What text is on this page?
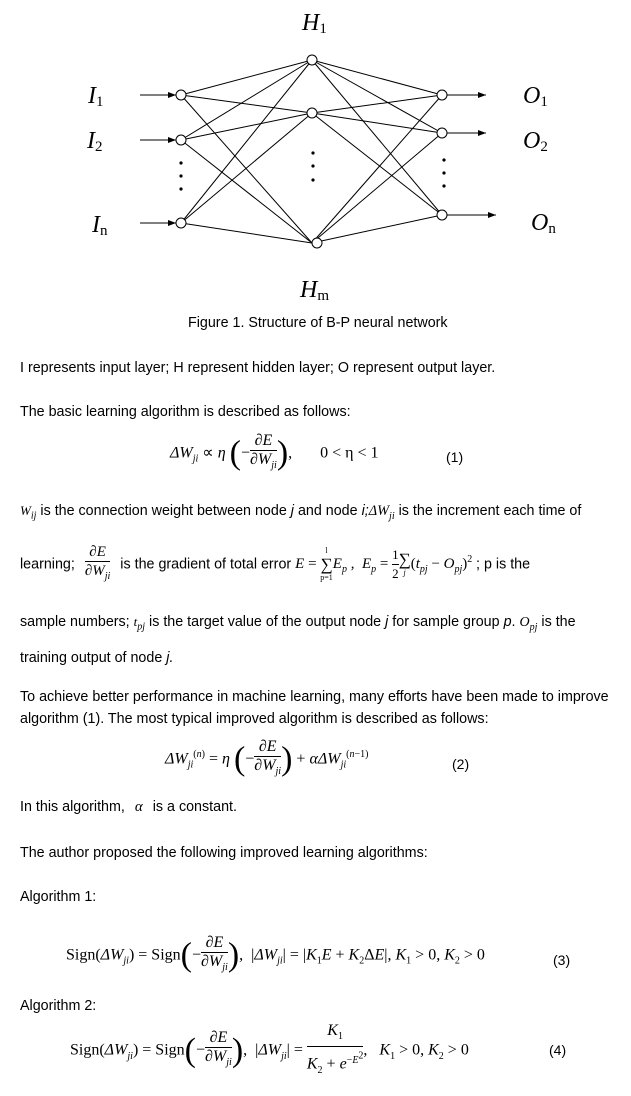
I1
I2
In
H1
Hm
O1
O2
On
Figure 1. Structure of B-P neural network
I represents input layer; H represent hidden layer; O represent output layer.
The basic learning algorithm is described as follows:
$\Delta W_{ji} \propto \eta$ (− $\frac{\partial E}{\partial W_{ji}}$ ),  0 < η < 1	(1)
$W_{ij}$ is the connection weight between node j and node $i;\Delta W_{ji}$ is the increment each time of
learning; $\frac{\partial E}{\partial W_{ji}}$ is the gradient of total error E =
l
∑
p=1
$E_p$ ,  $E_p = \frac{1}{2}$ ∑
j
$(t_{pj} - O_{pj})^2$ ; p is the
sample numbers; $t_{pj}$ is the target value of the output node j for sample group p. $O_{pj}$ is the
training output of node j.
To achieve better performance in machine learning, many efforts have been made to improve
algorithm (1). The most typical improved algorithm is described as follows:
$\Delta W_{ji}^{(n)} = \eta$ (− $\frac{\partial E}{\partial W_{ji}}$ ) + αΔW$_{ji}^{(n-1)}$
(2)
In this algorithm, α is a constant.
The author proposed the following improved learning algorithms:
Algorithm 1:
$Sign(\Delta W_{ji})$ = Sign(− $\frac{\partial E}{\partial W_{ji}}$ ),  $|\Delta W_{ji}| = |K_1E + K_2\Delta E|$, $K_1 > 0$, $K_2 > 0$	(3)
Algorithm 2:
$Sign(\Delta W_{ji})$ = Sign(− $\frac{\partial E}{\partial W_{ji}}$ ),  $|\Delta W_{ji}| = \frac{K_1}{K_2 + e^{-E^2}}$ ,   $K_1 > 0$, $K_2 > 0$	(4)
